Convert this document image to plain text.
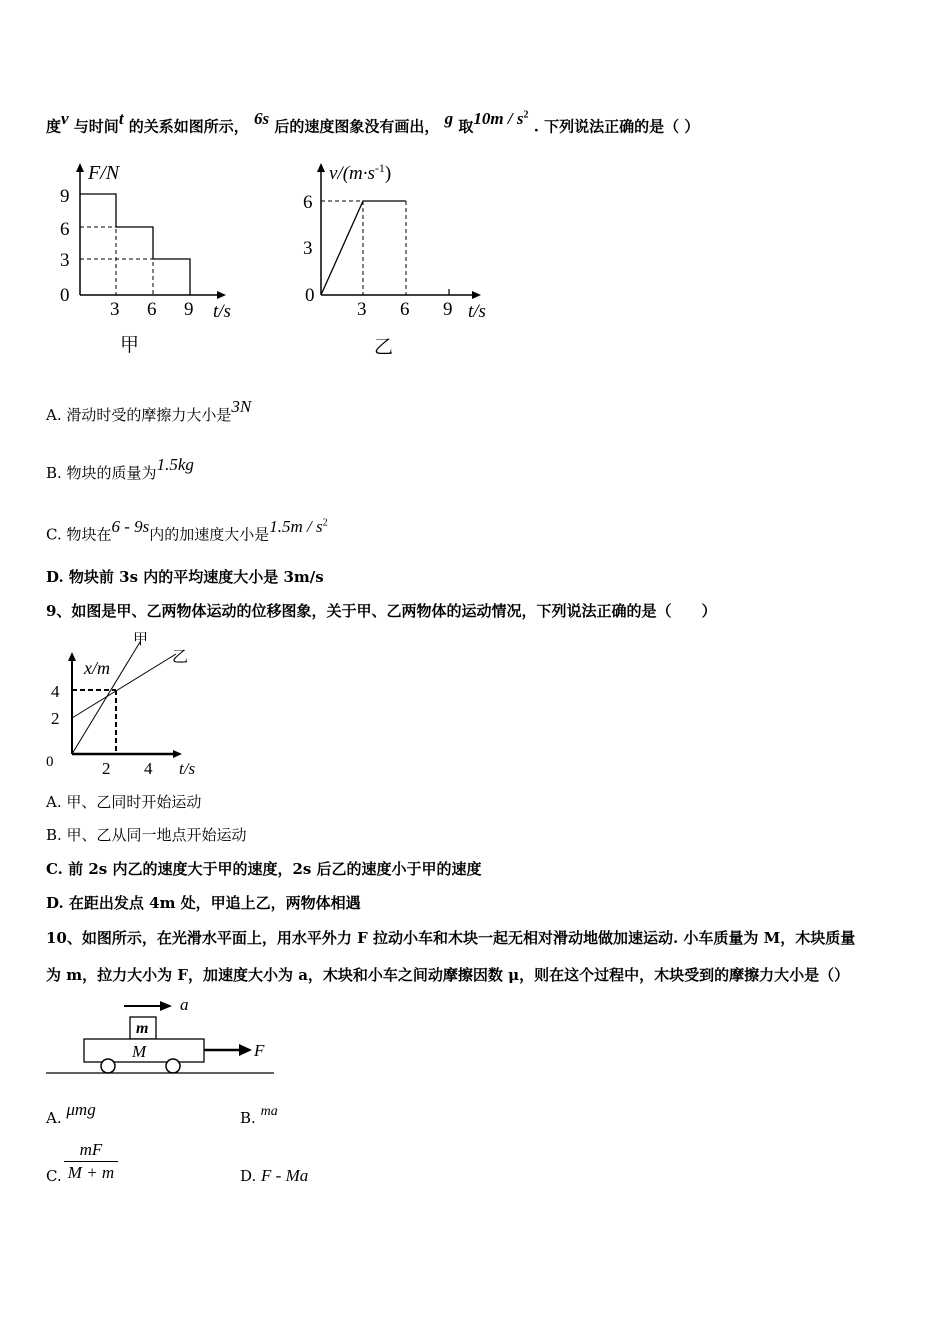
度v 与时间t 的关系如图所示， 6s 后的速度图象没有画出， g 取$10m / s^2$ . 下列说法正确的是（ ）
F/N
9
6
3
0
3 6 9 t/s
甲
$v/(m\cdot s^{-1})$
6
3
0
3 6 9 t/s
乙
A. 滑动时受的摩擦力大小是3N
B. 物块的质量为1.5kg
C. 物块在6 - 9s内的加速度大小是$1.5m / s^2$
D. 物块前 3s 内的平均速度大小是 3m/s
9、如图是甲、乙两物体运动的位移图象，关于甲、乙两物体的运动情况，下列说法正确的是（　　）
x/m
甲
乙
4
2
0	2 4 t/s
A. 甲、乙同时开始运动
B. 甲、乙从同一地点开始运动
C. 前 2s 内乙的速度大于甲的速度，2s 后乙的速度小于甲的速度
D. 在距出发点 4m 处，甲追上乙，两物体相遇
10、如图所示，在光滑水平面上，用水平外力 F 拉动小车和木块一起无相对滑动地做加速运动. 小车质量为 M，木块质量
为 m，拉力大小为 F，加速度大小为 a，木块和小车之间动摩擦因数 μ，则在这个过程中，木块受到的摩擦力大小是（）
a
m
M	F
A. μmg	B. ma
C.
mF
M + m	D. F - Ma
